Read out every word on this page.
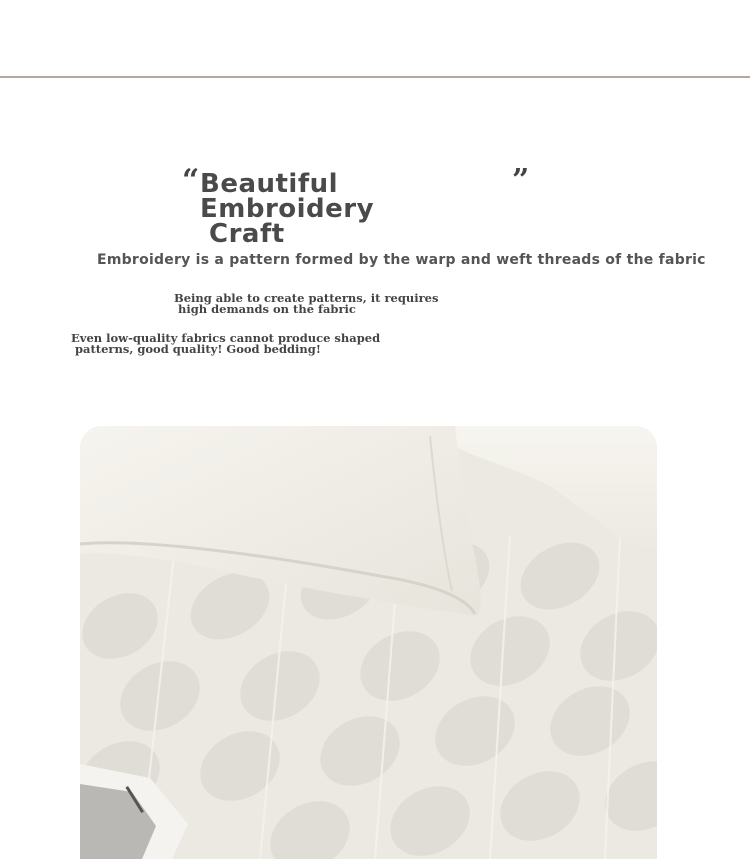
“ Beautiful Embroidery
Craft
”

Embroidery is a pattern formed by the warp and weft threads of the fabric

Being able to create patterns, it requires
high demands on the fabric

Even low-quality fabrics cannot produce shaped
patterns, good quality! Good bedding!
